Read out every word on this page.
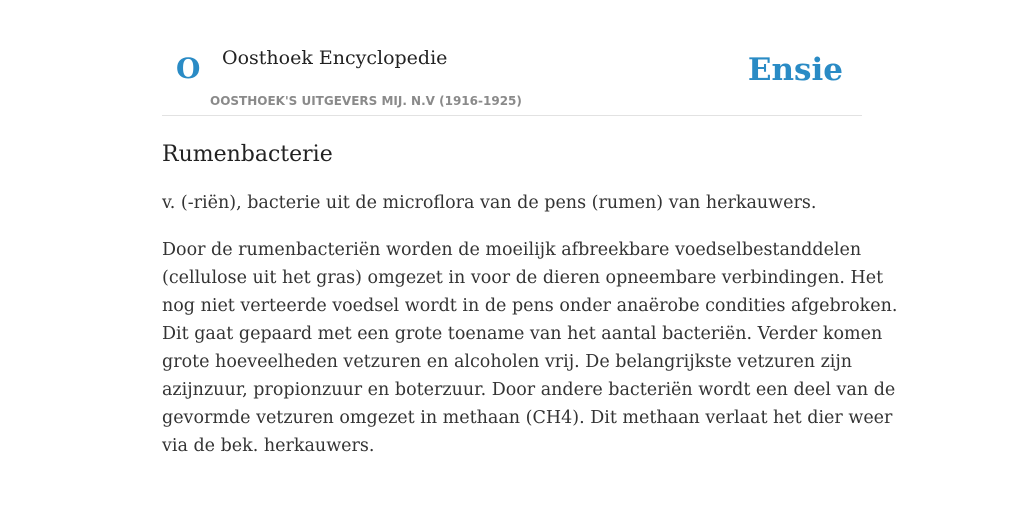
O Oosthoek Encyclopedie
OOSTHOEK'S UITGEVERS MIJ. N.V (1916-1925)
Ensie
Rumenbacterie

v. (-riën), bacterie uit de microflora van de pens (rumen) van herkauwers.

Door de rumenbacteriën worden de moeilijk afbreekbare voedselbestanddelen
(cellulose uit het gras) omgezet in voor de dieren opneembare verbindingen. Het
nog niet verteerde voedsel wordt in de pens onder anaërobe condities afgebroken.
Dit gaat gepaard met een grote toename van het aantal bacteriën. Verder komen
grote hoeveelheden vetzuren en alcoholen vrij. De belangrijkste vetzuren zijn
azijnzuur, propionzuur en boterzuur. Door andere bacteriën wordt een deel van de
gevormde vetzuren omgezet in methaan (CH4). Dit methaan verlaat het dier weer
via de bek. herkauwers.
